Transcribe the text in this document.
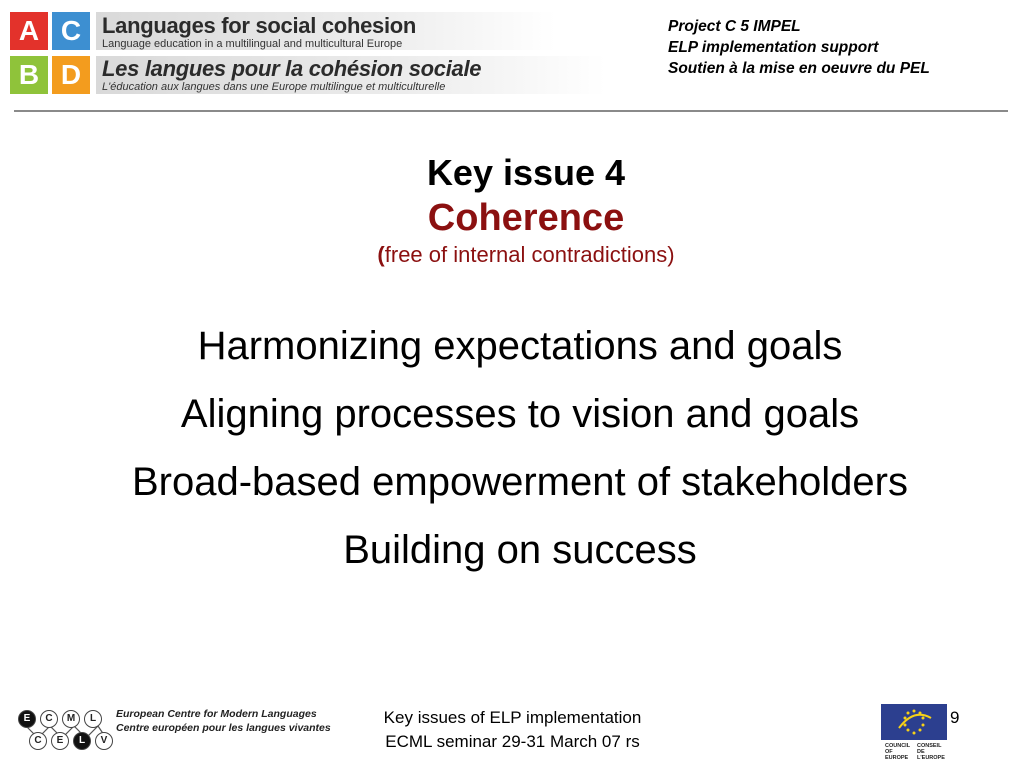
A C
B D
Languages for social cohesion
Language education in a multilingual and multicultural Europe
Les langues pour la cohésion sociale
L'éducation aux langues dans une Europe multilingue et multiculturelle
Project C 5 IMPEL
ELP implementation support
Soutien à la mise en oeuvre du PEL
Key issue 4
Coherence
(free of internal contradictions)
Harmonizing expectations and goals
Aligning processes to vision and goals
Broad-based empowerment of stakeholders
Building on success
E	C	M	L
C	E	L	V
European Centre for Modern Languages
Centre européen pour les langues vivantes
Key issues of ELP implementation
ECML seminar 29-31 March 07 rs	COUNCIL OF EUROPE
CONSEIL DE L'EUROPE
9
